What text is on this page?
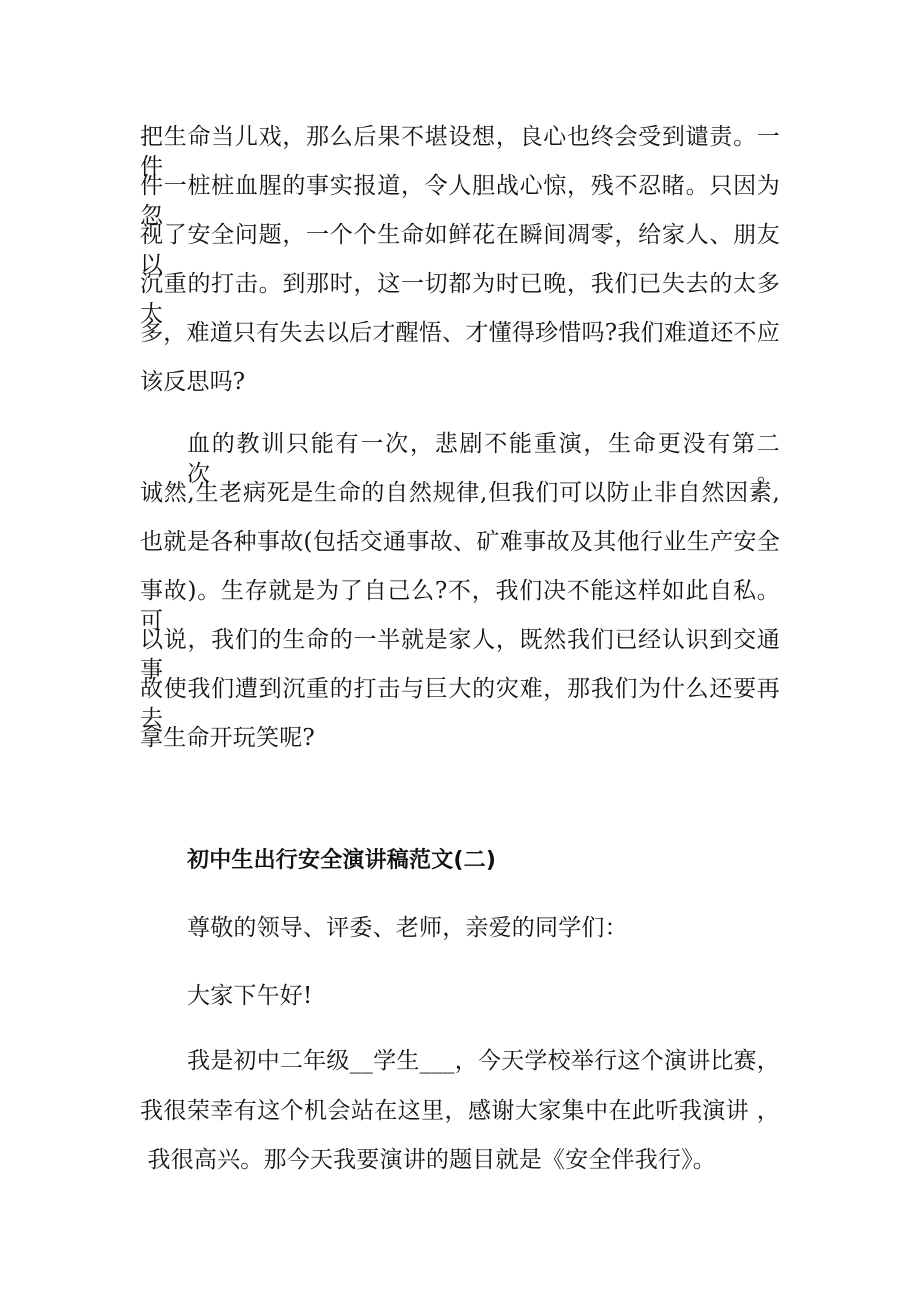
把生命当儿戏，那么后果不堪设想，良心也终会受到谴责。一件
件一桩桩血腥的事实报道，令人胆战心惊，残不忍睹。只因为忽
视了安全问题，一个个生命如鲜花在瞬间凋零，给家人、朋友以
沉重的打击。到那时，这一切都为时已晚，我们已失去的太多太
多，难道只有失去以后才醒悟、才懂得珍惜吗?我们难道还不应
该反思吗?
血的教训只能有一次，悲剧不能重演，生命更没有第二次。
诚然,生老病死是生命的自然规律,但我们可以防止非自然因素,
也就是各种事故(包括交通事故、矿难事故及其他行业生产安全
事故)。生存就是为了自己么?不，我们决不能这样如此自私。可
以说，我们的生命的一半就是家人，既然我们已经认识到交通事
故使我们遭到沉重的打击与巨大的灾难，那我们为什么还要再去
拿生命开玩笑呢?
初中生出行安全演讲稿范文(二)
尊敬的领导、评委、老师，亲爱的同学们：
大家下午好!
我是初中二年级__学生___，今天学校举行这个演讲比赛，
我很荣幸有这个机会站在这里，感谢大家集中在此听我演讲 ，
我很高兴。那今天我要演讲的题目就是《安全伴我行》。
